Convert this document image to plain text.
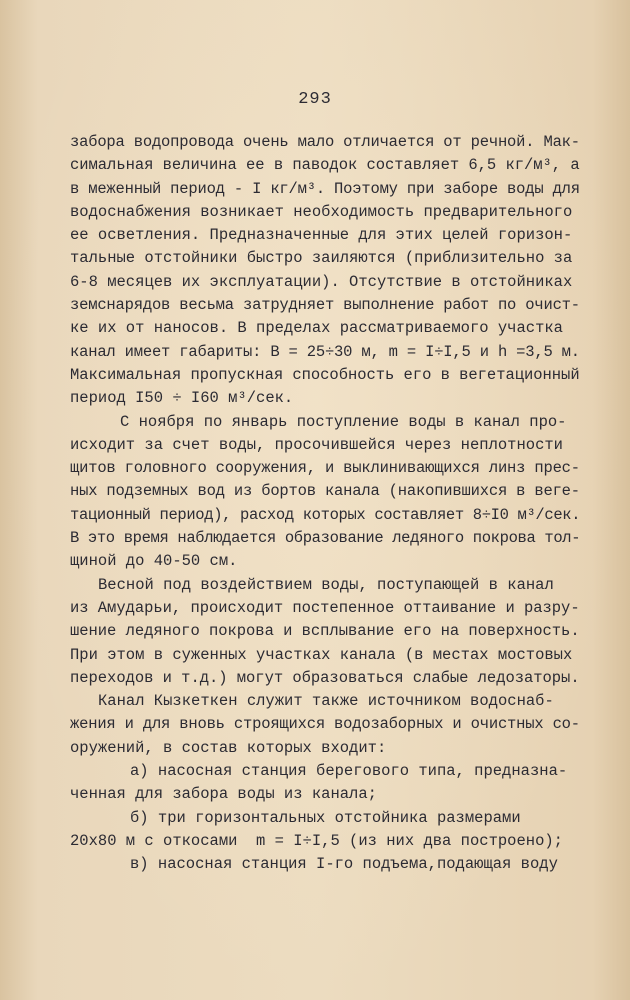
293
забора водопровода очень мало отличается от речной. Мак-
симальная величина ее в паводок составляет 6,5 кг/м³, а
в меженный период - I кг/м³. Поэтому при заборе воды для
водоснабжения возникает необходимость предварительного
ее осветления. Предназначенные для этих целей горизон-
тальные отстойники быстро заиляются (приблизительно за
6-8 месяцев их эксплуатации). Отсутствие в отстойниках
земснарядов весьма затрудняет выполнение работ по очист-
ке их от наносов. В пределах рассматриваемого участка
канал имеет габариты: B = 25÷30 м, m = I÷I,5 и h =3,5 м.
Максимальная пропускная способность его в вегетационный
период I50 ÷ I60 м³/сек.
С ноября по январь поступление воды в канал про-
исходит за счет воды, просочившейся через неплотности
щитов головного сооружения, и выклинивающихся линз прес-
ных подземных вод из бортов канала (накопившихся в веге-
тационный период), расход которых составляет 8÷I0 м³/сек.
В это время наблюдается образование ледяного покрова тол-
щиной до 40-50 см.
Весной под воздействием воды, поступающей в канал
из Амударьи, происходит постепенное оттаивание и разру-
шение ледяного покрова и всплывание его на поверхность.
При этом в суженных участках канала (в местах мостовых
переходов и т.д.) могут образоваться слабые ледозаторы.
Канал Кызкеткен служит также источником водоснаб-
жения и для вновь строящихся водозаборных и очистных со-
оружений, в состав которых входит:
а) насосная станция берегового типа, предназна-
ченная для забора воды из канала;
б) три горизонтальных отстойника размерами
20х80 м с откосами  m = I÷I,5 (из них два построено);
в) насосная станция I-го подъема,подающая воду
